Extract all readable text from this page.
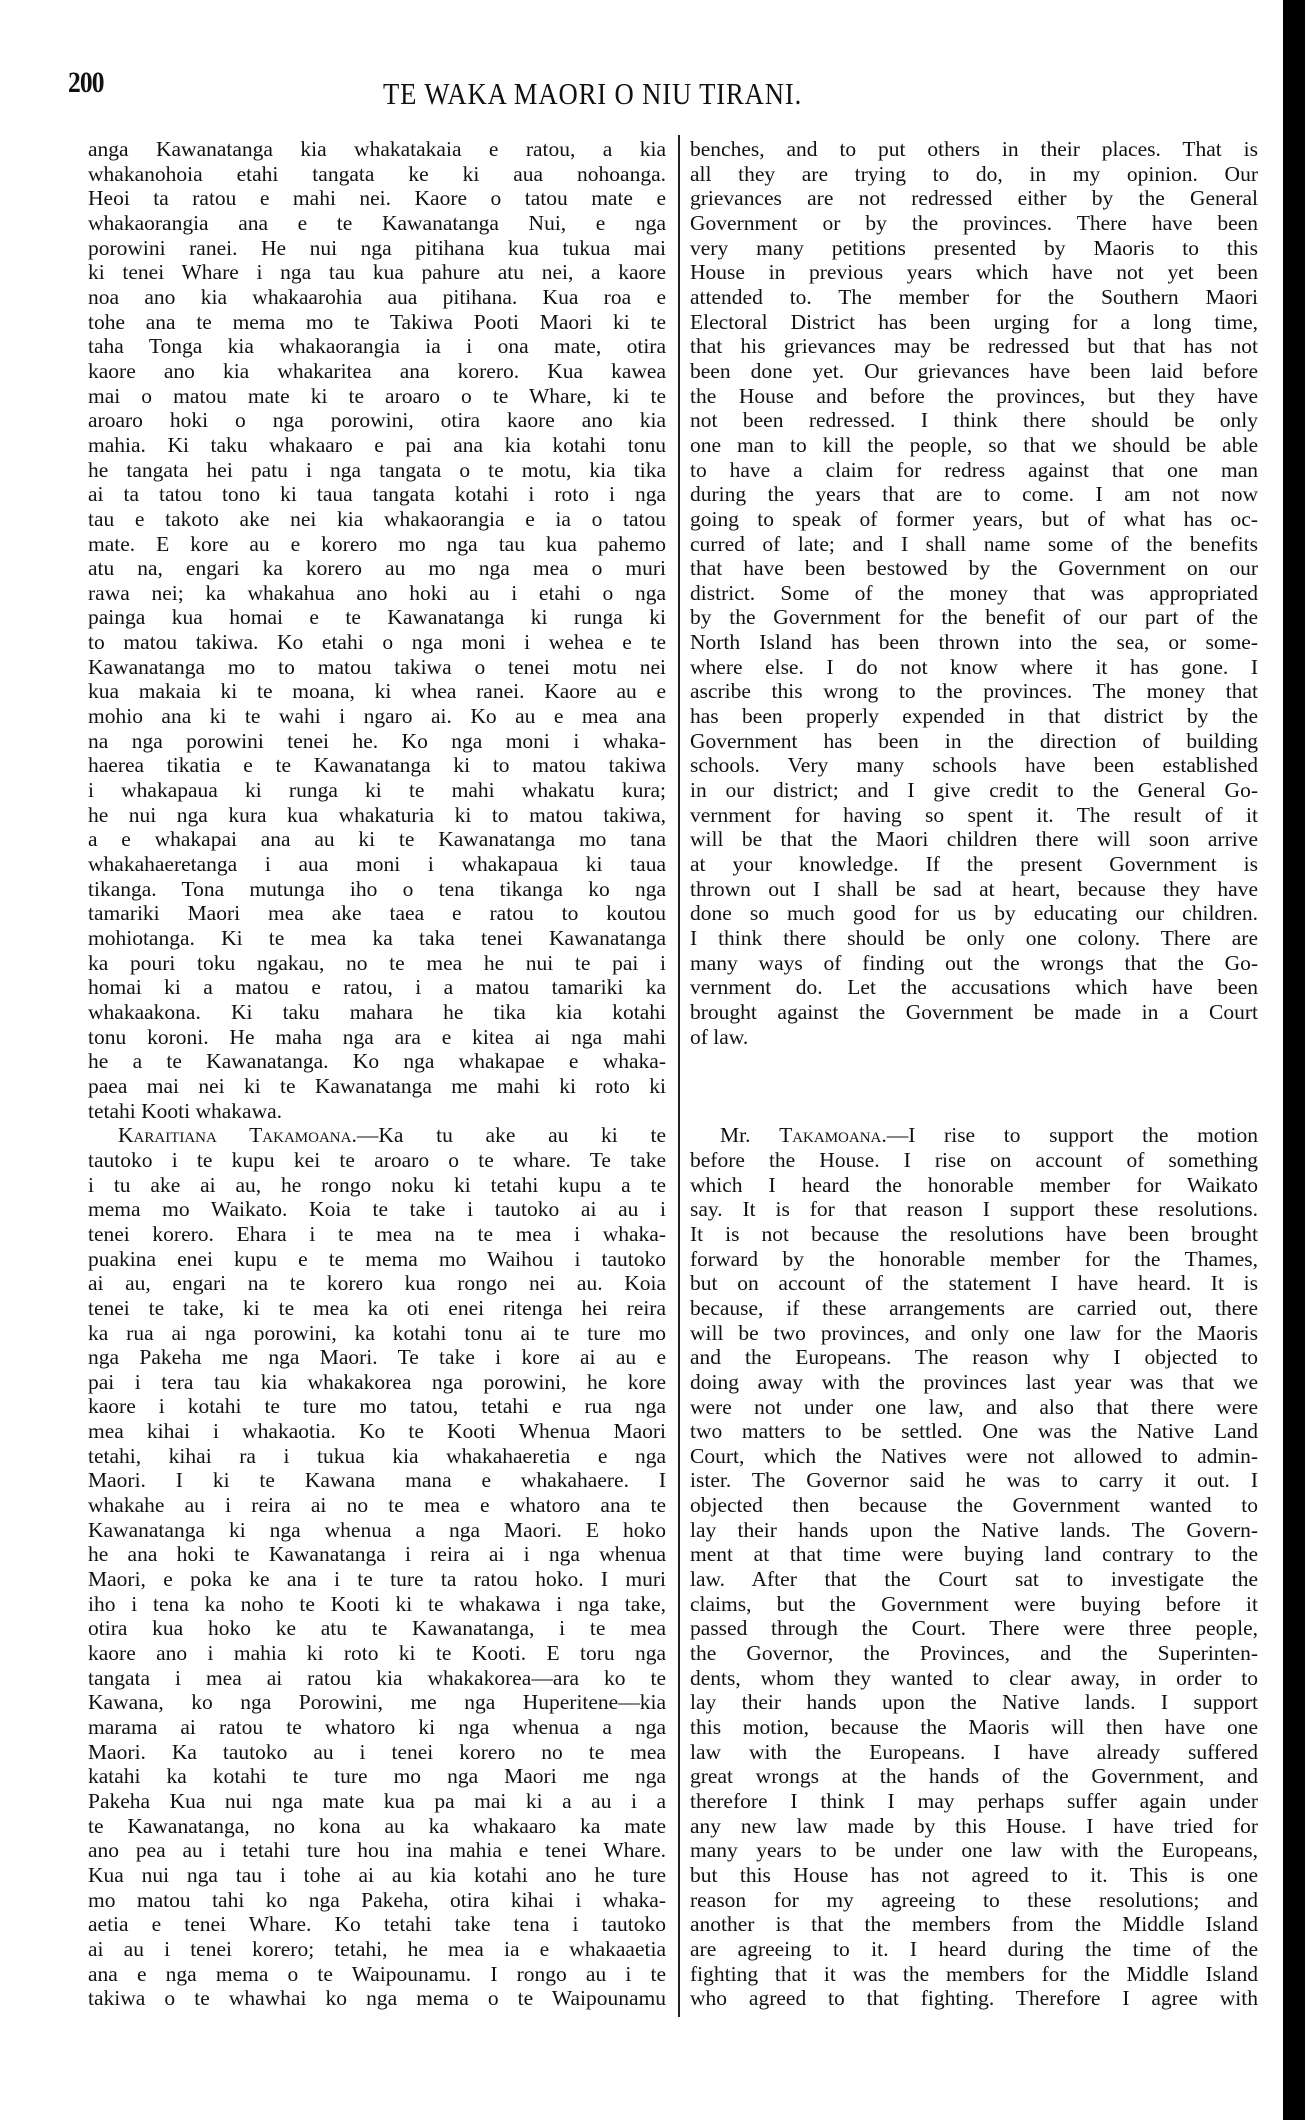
200	TE WAKA MAORI O NIU TIRANI.
anga Kawanatanga kia whakatakaia e ratou, a kia
whakanohoia etahi tangata ke ki aua nohoanga.
Heoi ta ratou e mahi nei. Kaore o tatou mate e
whakaorangia ana e te Kawanatanga Nui, e nga
porowini ranei. He nui nga pitihana kua tukua mai
ki tenei Whare i nga tau kua pahure atu nei, a kaore
noa ano kia whakaarohia aua pitihana. Kua roa e
tohe ana te mema mo te Takiwa Pooti Maori ki te
taha Tonga kia whakaorangia ia i ona mate, otira
kaore ano kia whakaritea ana korero. Kua kawea
mai o matou mate ki te aroaro o te Whare, ki te
aroaro hoki o nga porowini, otira kaore ano kia
mahia. Ki taku whakaaro e pai ana kia kotahi tonu
he tangata hei patu i nga tangata o te motu, kia tika
ai ta tatou tono ki taua tangata kotahi i roto i nga
tau e takoto ake nei kia whakaorangia e ia o tatou
mate. E kore au e korero mo nga tau kua pahemo
atu na, engari ka korero au mo nga mea o muri
rawa nei; ka whakahua ano hoki au i etahi o nga
painga kua homai e te Kawanatanga ki runga ki
to matou takiwa. Ko etahi o nga moni i wehea e te
Kawanatanga mo to matou takiwa o tenei motu nei
kua makaia ki te moana, ki whea ranei. Kaore au e
mohio ana ki te wahi i ngaro ai. Ko au e mea ana
na nga porowini tenei he. Ko nga moni i whaka-
haerea tikatia e te Kawanatanga ki to matou takiwa
i whakapaua ki runga ki te mahi whakatu kura;
he nui nga kura kua whakaturia ki to matou takiwa,
a e whakapai ana au ki te Kawanatanga mo tana
whakahaeretanga i aua moni i whakapaua ki taua
tikanga. Tona mutunga iho o tena tikanga ko nga
tamariki Maori mea ake taea e ratou to koutou
mohiotanga. Ki te mea ka taka tenei Kawanatanga
ka pouri toku ngakau, no te mea he nui te pai i
homai ki a matou e ratou, i a matou tamariki ka
whakaakona. Ki taku mahara he tika kia kotahi
tonu koroni. He maha nga ara e kitea ai nga mahi
he a te Kawanatanga. Ko nga whakapae e whaka-
paea mai nei ki te Kawanatanga me mahi ki roto ki
tetahi Kooti whakawa.
Karaitiana Takamoana.—Ka tu ake au ki te
tautoko i te kupu kei te aroaro o te whare. Te take
i tu ake ai au, he rongo noku ki tetahi kupu a te
mema mo Waikato. Koia te take i tautoko ai au i
tenei korero. Ehara i te mea na te mea i whaka-
puakina enei kupu e te mema mo Waihou i tautoko
ai au, engari na te korero kua rongo nei au. Koia
tenei te take, ki te mea ka oti enei ritenga hei reira
ka rua ai nga porowini, ka kotahi tonu ai te ture mo
nga Pakeha me nga Maori. Te take i kore ai au e
pai i tera tau kia whakakorea nga porowini, he kore
kaore i kotahi te ture mo tatou, tetahi e rua nga
mea kihai i whakaotia. Ko te Kooti Whenua Maori
tetahi, kihai ra i tukua kia whakahaeretia e nga
Maori. I ki te Kawana mana e whakahaere. I
whakahe au i reira ai no te mea e whatoro ana te
Kawanatanga ki nga whenua a nga Maori. E hoko
he ana hoki te Kawanatanga i reira ai i nga whenua
Maori, e poka ke ana i te ture ta ratou hoko. I muri
iho i tena ka noho te Kooti ki te whakawa i nga take,
otira kua hoko ke atu te Kawanatanga, i te mea
kaore ano i mahia ki roto ki te Kooti. E toru nga
tangata i mea ai ratou kia whakakorea—ara ko te
Kawana, ko nga Porowini, me nga Huperitene—kia
marama ai ratou te whatoro ki nga whenua a nga
Maori. Ka tautoko au i tenei korero no te mea
katahi ka kotahi te ture mo nga Maori me nga
Pakeha Kua nui nga mate kua pa mai ki a au i a
te Kawanatanga, no kona au ka whakaaro ka mate
ano pea au i tetahi ture hou ina mahia e tenei Whare.
Kua nui nga tau i tohe ai au kia kotahi ano he ture
mo matou tahi ko nga Pakeha, otira kihai i whaka-
aetia e tenei Whare. Ko tetahi take tena i tautoko
ai au i tenei korero; tetahi, he mea ia e whakaaetia
ana e nga mema o te Waipounamu. I rongo au i te
takiwa o te whawhai ko nga mema o te Waipounamu
benches, and to put others in their places. That is
all they are trying to do, in my opinion. Our
grievances are not redressed either by the General
Government or by the provinces. There have been
very many petitions presented by Maoris to this
House in previous years which have not yet been
attended to. The member for the Southern Maori
Electoral District has been urging for a long time,
that his grievances may be redressed but that has not
been done yet. Our grievances have been laid before
the House and before the provinces, but they have
not been redressed. I think there should be only
one man to kill the people, so that we should be able
to have a claim for redress against that one man
during the years that are to come. I am not now
going to speak of former years, but of what has oc-
curred of late; and I shall name some of the benefits
that have been bestowed by the Government on our
district. Some of the money that was appropriated
by the Government for the benefit of our part of the
North Island has been thrown into the sea, or some-
where else. I do not know where it has gone. I
ascribe this wrong to the provinces. The money that
has been properly expended in that district by the
Government has been in the direction of building
schools. Very many schools have been established
in our district; and I give credit to the General Go-
vernment for having so spent it. The result of it
will be that the Maori children there will soon arrive
at your knowledge. If the present Government is
thrown out I shall be sad at heart, because they have
done so much good for us by educating our children.
I think there should be only one colony. There are
many ways of finding out the wrongs that the Go-
vernment do. Let the accusations which have been
brought against the Government be made in a Court
of law.
Mr. Takamoana.—I rise to support the motion
before the House. I rise on account of something
which I heard the honorable member for Waikato
say. It is for that reason I support these resolutions.
It is not because the resolutions have been brought
forward by the honorable member for the Thames,
but on account of the statement I have heard. It is
because, if these arrangements are carried out, there
will be two provinces, and only one law for the Maoris
and the Europeans. The reason why I objected to
doing away with the provinces last year was that we
were not under one law, and also that there were
two matters to be settled. One was the Native Land
Court, which the Natives were not allowed to admin-
ister. The Governor said he was to carry it out. I
objected then because the Government wanted to
lay their hands upon the Native lands. The Govern-
ment at that time were buying land contrary to the
law. After that the Court sat to investigate the
claims, but the Government were buying before it
passed through the Court. There were three people,
the Governor, the Provinces, and the Superinten-
dents, whom they wanted to clear away, in order to
lay their hands upon the Native lands. I support
this motion, because the Maoris will then have one
law with the Europeans. I have already suffered
great wrongs at the hands of the Government, and
therefore I think I may perhaps suffer again under
any new law made by this House. I have tried for
many years to be under one law with the Europeans,
but this House has not agreed to it. This is one
reason for my agreeing to these resolutions; and
another is that the members from the Middle Island
are agreeing to it. I heard during the time of the
fighting that it was the members for the Middle Island
who agreed to that fighting. Therefore I agree with
